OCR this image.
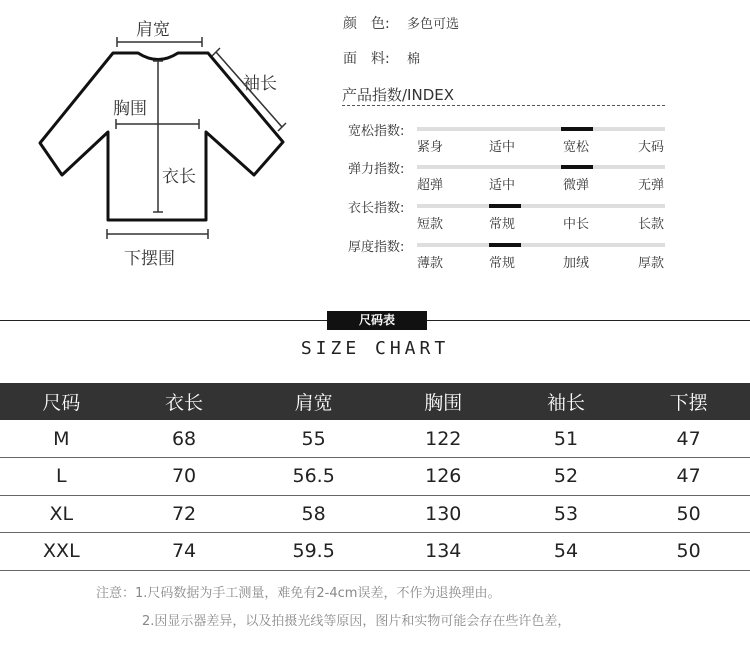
肩宽
袖长
胸围
衣长
下摆围
颜　色: 多色可选
面　料: 棉
产品指数/INDEX
宽松指数:
紧身	适中	宽松	大码
弹力指数:
超弹	适中	微弹	无弹
衣长指数:
短款	常规	中长	长款
厚度指数:
薄款	常规	加绒	厚款
尺码表
SIZE CHART
尺码	衣长	肩宽	胸围	袖长	下摆
M	68	55	122	51	47
L	70	56.5	126	52	47
XL	72	58	130	53	50
XXL	74	59.5	134	54	50
注意：1.尺码数据为手工测量，难免有2-4cm误差，不作为退换理由。
2.因显示器差异，以及拍摄光线等原因，图片和实物可能会存在些许色差，
